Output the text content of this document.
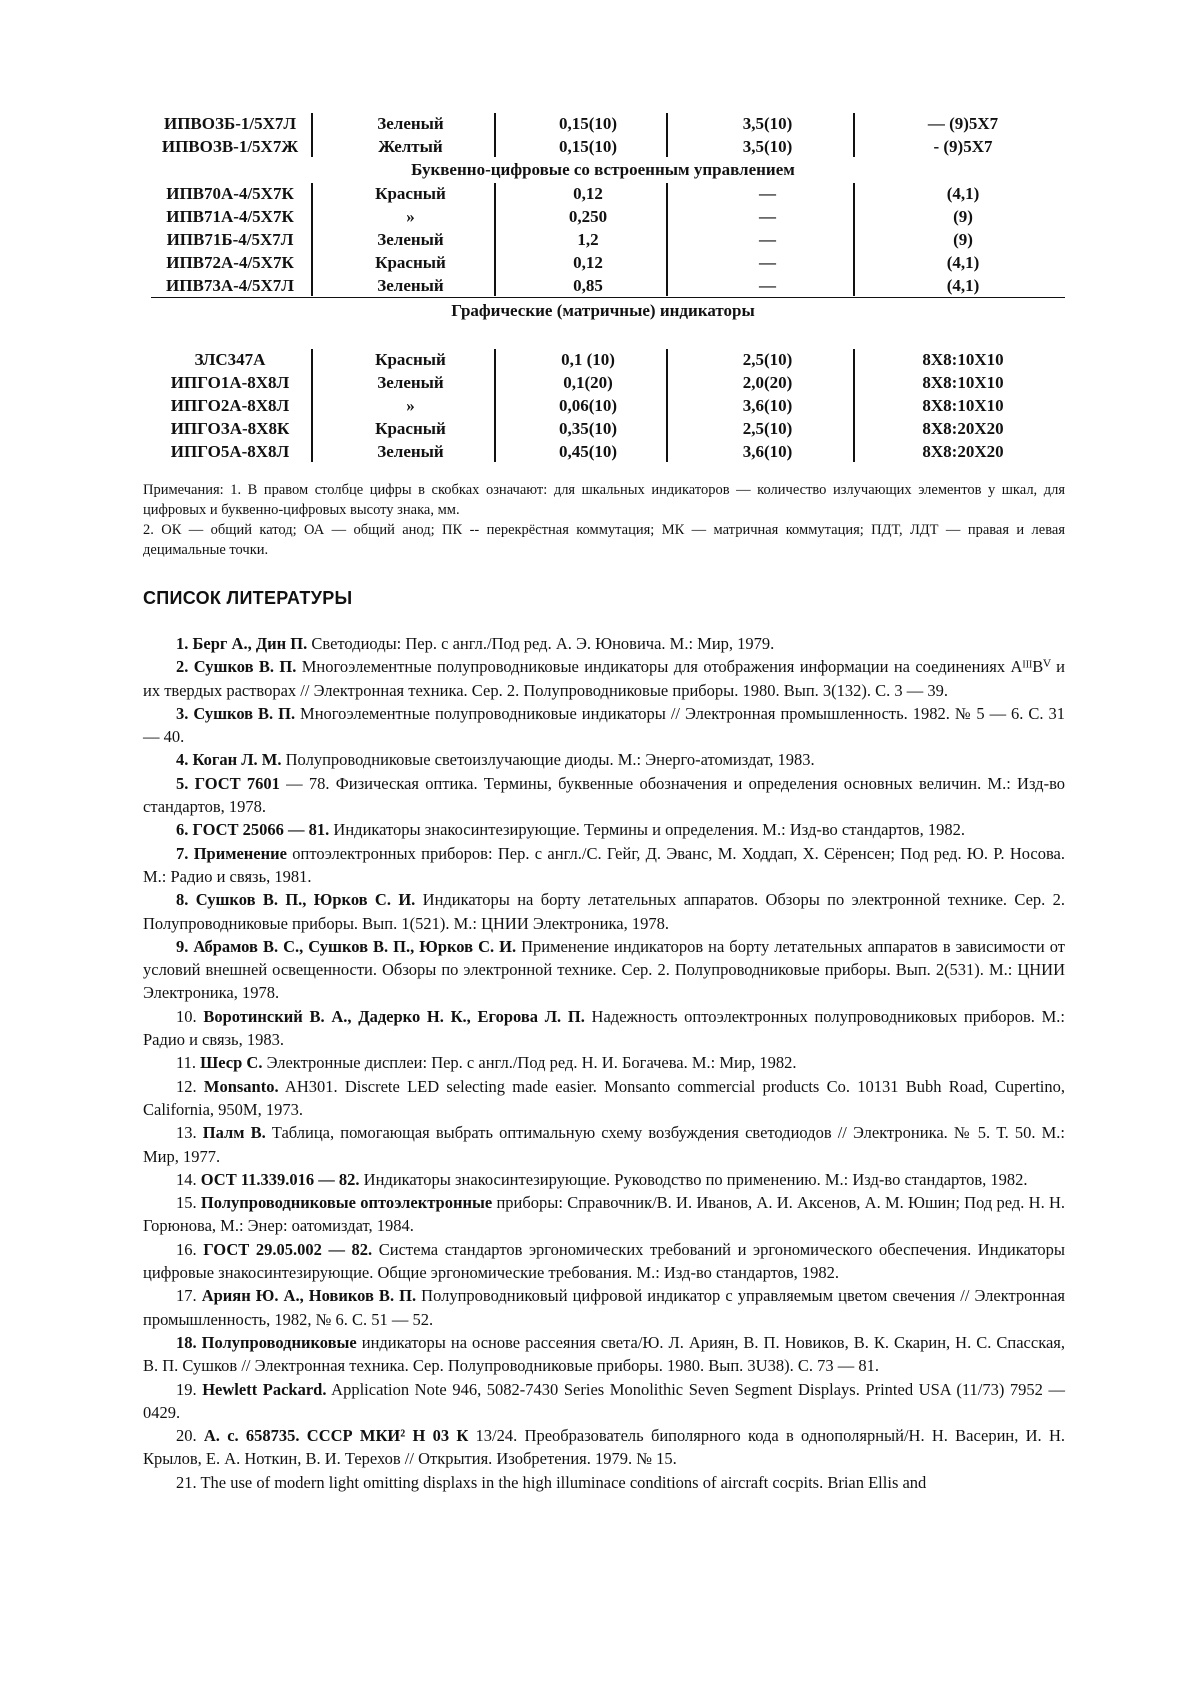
ИПВОЗБ-1/5Х7Л	Зеленый	0,15(10)	3,5(10)	— (9)5Х7
ИПВОЗВ-1/5Х7Ж	Желтый	0,15(10)	3,5(10)	- (9)5Х7
Буквенно-цифровые со встроенным управлением
ИПВ70А-4/5Х7К	Красный	0,12	—	(4,1)
ИПВ71А-4/5Х7К	»	0,250	—	(9)
ИПВ71Б-4/5Х7Л	Зеленый	1,2	—	(9)
ИПВ72А-4/5Х7К	Красный	0,12	—	(4,1)
ИПВ73А-4/5Х7Л	Зеленый	0,85	—	(4,1)
Графические (матричные) индикаторы
ЗЛС347А	Красный	0,1 (10)	2,5(10)	8Х8:10Х10
ИПГО1А-8Х8Л	Зеленый	0,1(20)	2,0(20)	8Х8:10Х10
ИПГО2А-8Х8Л	»	0,06(10)	3,6(10)	8Х8:10Х10
ИПГОЗА-8Х8К	Красный	0,35(10)	2,5(10)	8Х8:20Х20
ИПГО5А-8Х8Л	Зеленый	0,45(10)	3,6(10)	8Х8:20Х20

Примечания: 1. В правом столбце цифры в скобках означают: для шкальных индикаторов — количество излучающих элементов у шкал, для цифровых и буквенно-цифровых высоту знака, мм.

2. ОК — общий катод; ОА — общий анод; ПК -- перекрёстная коммутация; МК — матричная коммутация; ПДТ, ЛДТ — правая и левая децимальные точки.

СПИСОК ЛИТЕРАТУРЫ

1. Берг А., Дин П. Светодиоды: Пер. с англ./Под ред. А. Э. Юновича. М.: Мир, 1979.

2. Сушков В. П. Многоэлементные полупроводниковые индикаторы для отображения информации на соединениях AᴵᴵᴵBⱽ и их твердых растворах // Электронная техника. Сер. 2. Полупроводниковые приборы. 1980. Вып. 3(132). С. 3 — 39.

3. Сушков В. П. Многоэлементные полупроводниковые индикаторы // Электронная промышленность. 1982. № 5 — 6. С. 31 — 40.

4. Коган Л. М. Полупроводниковые светоизлучающие диоды. М.: Энерго-атомиздат, 1983.

5. ГОСТ 7601 — 78. Физическая оптика. Термины, буквенные обозначения и определения основных величин. М.: Изд-во стандартов, 1978.

6. ГОСТ 25066 — 81. Индикаторы знакосинтезирующие. Термины и определения. М.: Изд-во стандартов, 1982.

7. Применение оптоэлектронных приборов: Пер. с англ./С. Гейг, Д. Эванс, М. Ходдап, Х. Сёренсен; Под ред. Ю. Р. Носова. М.: Радио и связь, 1981.

8. Сушков В. П., Юрков С. И. Индикаторы на борту летательных аппаратов. Обзоры по электронной технике. Сер. 2. Полупроводниковые приборы. Вып. 1(521). М.: ЦНИИ Электроника, 1978.

9. Абрамов В. С., Сушков В. П., Юрков С. И. Применение индикаторов на борту летательных аппаратов в зависимости от условий внешней освещенности. Обзоры по электронной технике. Сер. 2. Полупроводниковые приборы. Вып. 2(531). М.: ЦНИИ Электроника, 1978.

10. Воротинский В. А., Дадерко Н. К., Егорова Л. П. Надежность оптоэлектронных полупроводниковых приборов. М.: Радио и связь, 1983.

11. Шеср С. Электронные дисплеи: Пер. с англ./Под ред. Н. И. Богачева. М.: Мир, 1982.

12. Monsanto. AH301. Discrete LED selecting made easier. Monsanto commercial products Co. 10131 Bubh Road, Cupertino, California, 950M, 1973.

13. Палм В. Таблица, помогающая выбрать оптимальную схему возбуждения светодиодов // Электроника. № 5. Т. 50. М.: Мир, 1977.

14. ОСТ 11.339.016 — 82. Индикаторы знакосинтезирующие. Руководство по применению. М.: Изд-во стандартов, 1982.

15. Полупроводниковые оптоэлектронные приборы: Справочник/В. И. Иванов, А. И. Аксенов, А. М. Юшин; Под ред. Н. Н. Горюнова, М.: Энер: оатомиздат, 1984.

16. ГОСТ 29.05.002 — 82. Система стандартов эргономических требований и эргономического обеспечения. Индикаторы цифровые знакосинтезирующие. Общие эргономические требования. М.: Изд-во стандартов, 1982.

17. Ариян Ю. А., Новиков В. П. Полупроводниковый цифровой индикатор с управляемым цветом свечения // Электронная промышленность, 1982, № 6. С. 51 — 52.

18. Полупроводниковые индикаторы на основе рассеяния света/Ю. Л. Ариян, В. П. Новиков, В. К. Скарин, Н. С. Спасская, В. П. Сушков // Электронная техника. Сер. Полупроводниковые приборы. 1980. Вып. 3U38). С. 73 — 81.

19. Hewlett Packard. Application Note 946, 5082-7430 Series Monolithic Seven Segment Displays. Printed USA (11/73) 7952 — 0429.

20. А. с. 658735. СССР МКИ² Н 03 К 13/24. Преобразователь биполярного кода в однополярный/Н. Н. Васерин, И. Н. Крылов, Е. А. Ноткин, В. И. Терехов // Открытия. Изобретения. 1979. № 15.

21. The use of modern light omitting displaxs in the high illuminace conditions of aircraft cocpits. Brian Ellis and
